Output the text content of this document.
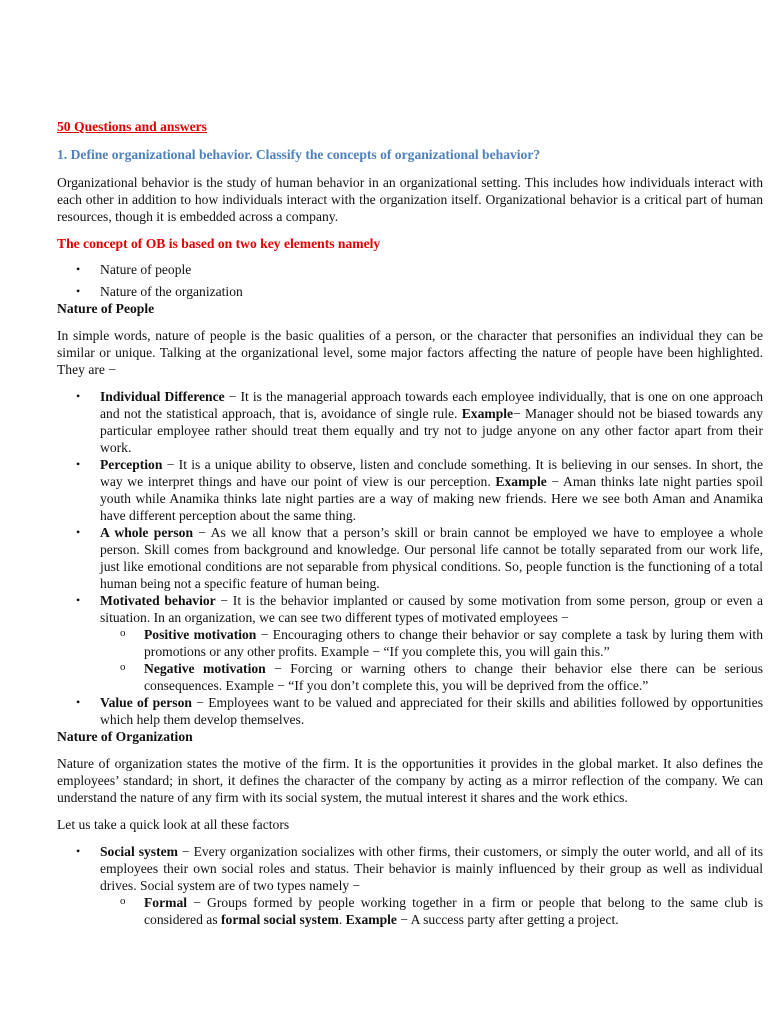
50 Questions and answers

1. Define organizational behavior. Classify the concepts of organizational behavior?

Organizational behavior is the study of human behavior in an organizational setting. This includes how individuals interact with each other in addition to how individuals interact with the organization itself. Organizational behavior is a critical part of human resources, though it is embedded across a company.

The concept of OB is based on two key elements namely

• Nature of people
• Nature of the organization

Nature of People

In simple words, nature of people is the basic qualities of a person, or the character that personifies an individual they can be similar or unique. Talking at the organizational level, some major factors affecting the nature of people have been highlighted. They are −

• Individual Difference − It is the managerial approach towards each employee individually, that is one on one approach and not the statistical approach, that is, avoidance of single rule. Example− Manager should not be biased towards any particular employee rather should treat them equally and try not to judge anyone on any other factor apart from their work.
• Perception − It is a unique ability to observe, listen and conclude something. It is believing in our senses. In short, the way we interpret things and have our point of view is our perception. Example − Aman thinks late night parties spoil youth while Anamika thinks late night parties are a way of making new friends. Here we see both Aman and Anamika have different perception about the same thing.
• A whole person − As we all know that a person’s skill or brain cannot be employed we have to employee a whole person. Skill comes from background and knowledge. Our personal life cannot be totally separated from our work life, just like emotional conditions are not separable from physical conditions. So, people function is the functioning of a total human being not a specific feature of human being.
• Motivated behavior − It is the behavior implanted or caused by some motivation from some person, group or even a situation. In an organization, we can see two different types of motivated employees −
o Positive motivation − Encouraging others to change their behavior or say complete a task by luring them with promotions or any other profits. Example − “If you complete this, you will gain this.”
o Negative motivation − Forcing or warning others to change their behavior else there can be serious consequences. Example − “If you don’t complete this, you will be deprived from the office.”
• Value of person − Employees want to be valued and appreciated for their skills and abilities followed by opportunities which help them develop themselves.

Nature of Organization

Nature of organization states the motive of the firm. It is the opportunities it provides in the global market. It also defines the employees’ standard; in short, it defines the character of the company by acting as a mirror reflection of the company. We can understand the nature of any firm with its social system, the mutual interest it shares and the work ethics.

Let us take a quick look at all these factors

• Social system − Every organization socializes with other firms, their customers, or simply the outer world, and all of its employees their own social roles and status. Their behavior is mainly influenced by their group as well as individual drives. Social system are of two types namely −
o Formal − Groups formed by people working together in a firm or people that belong to the same club is considered as formal social system. Example − A success party after getting a project.
